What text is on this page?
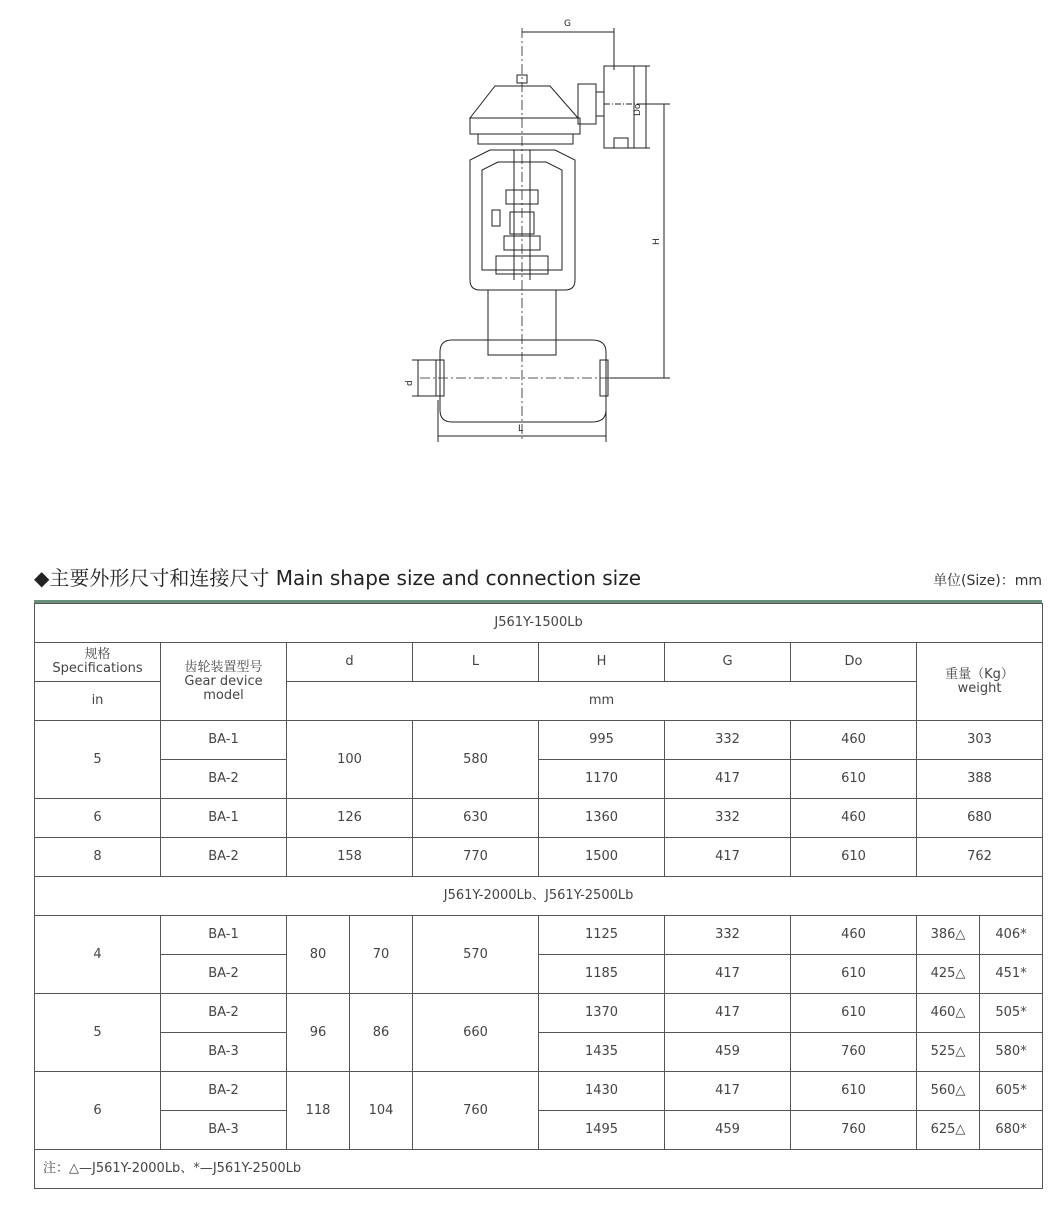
G
Do
H
d
L
◆主要外形尺寸和连接尺寸 Main shape size and connection size	单位(Size)：mm
J561Y-1500Lb									
规格
Specifications	齿轮装置型号
Gear device
model	d		L	H	G	Do	重量（Kg）
weight	
in		mm							
5	BA-1	100		580	995	332	460	303	
	BA-2				1170	417	610	388	
6	BA-1	126		630	1360	332	460	680	
8	BA-2	158		770	1500	417	610	762	
J561Y-2000Lb、J561Y-2500Lb									
4	BA-1	80	70	570	1125	332	460	386△	406*
	BA-2				1185	417	610	425△	451*
5	BA-2	96	86	660	1370	417	610	460△	505*
	BA-3				1435	459	760	525△	580*
6	BA-2	118	104	760	1430	417	610	560△	605*
	BA-3				1495	459	760	625△	680*
注：△—J561Y-2000Lb、*—J561Y-2500Lb									
